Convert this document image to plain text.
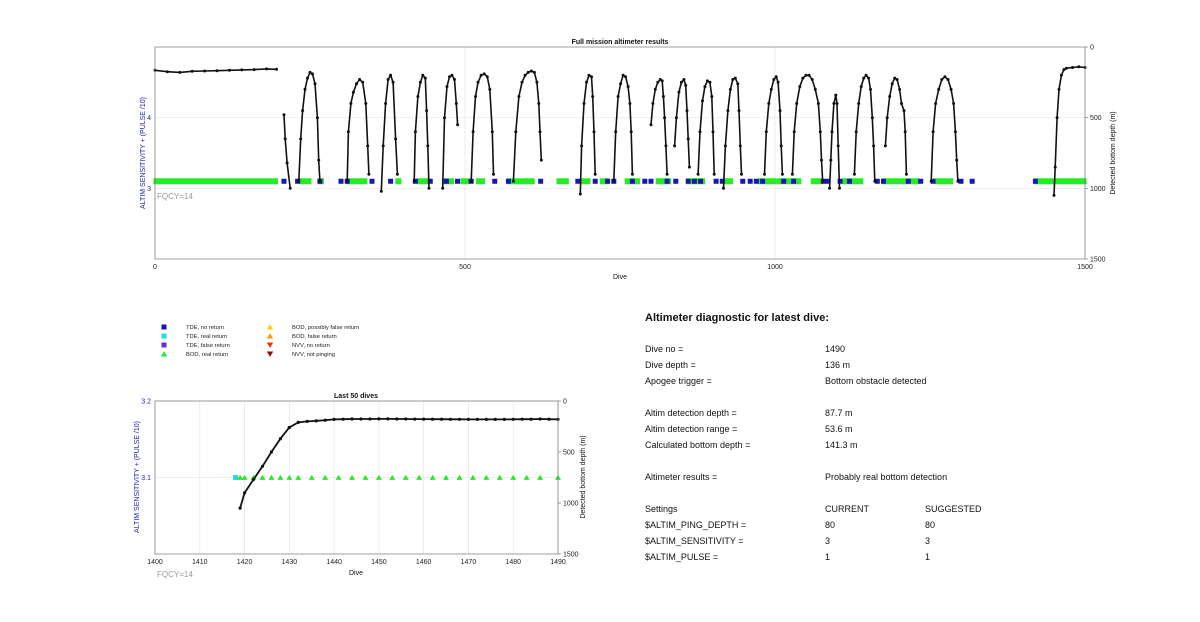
Full mission altimeter results
0	500	1000	1500
3
4
0
500
1000
1500
Dive
ALTIM SENSITIVITY + (PULSE /10)	Detected bottom depth (m)
FQCY=14
TDE, no return
TDE, real return
TDE, false return
BOD, real return
BOD, possibly false return
BOD, false return
NVV, no return
NVV, not pinging
Last 50 dives
1400	1410	1420	1430	1440	1450	1460	1470	1480	1490
3.1
3.2	0
500
1000
1500
Dive
ALTIM SENSITIVITY + (PULSE /10)	Detected bottom depth (m)
FQCY=14
Altimeter diagnostic for latest dive:
Dive no =	1490
Dive depth =	136 m
Apogee trigger =	Bottom obstacle detected
Altim detection depth =	87.7 m
Altim detection range =	53.6 m
Calculated bottom depth =	141.3 m
Altimeter results =	Probably real bottom detection
Settings	CURRENT	SUGGESTED
$ALTIM_PING_DEPTH =	80	80
$ALTIM_SENSITIVITY =	3	3
$ALTIM_PULSE =	1	1
